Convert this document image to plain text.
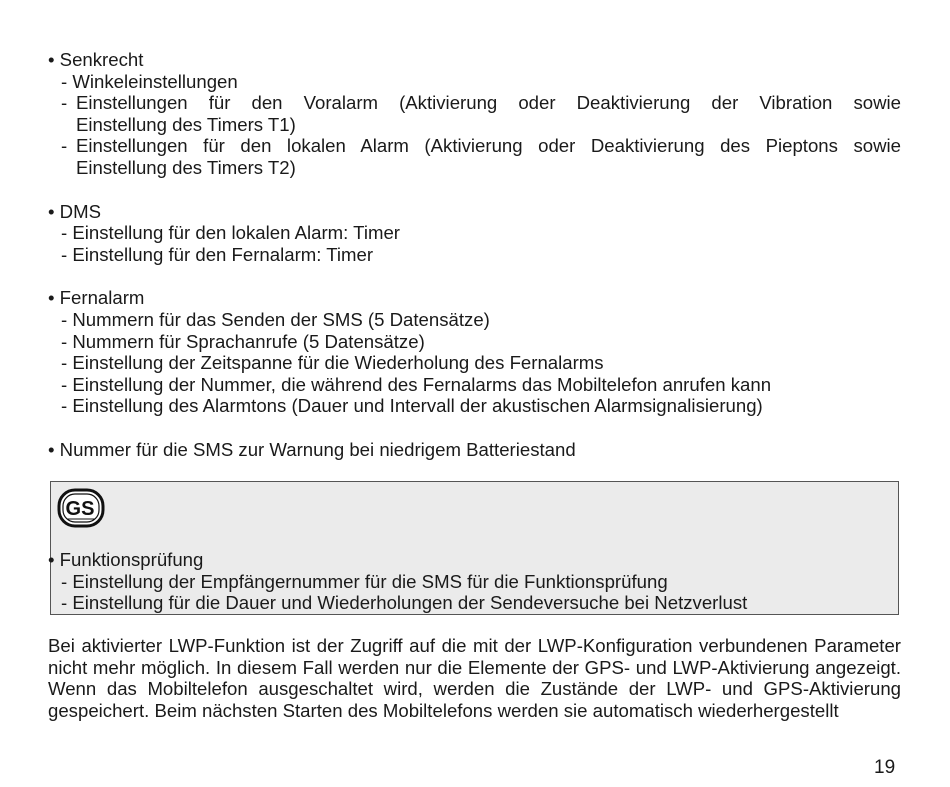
• Senkrecht
- Winkeleinstellungen
- Einstellungen für den Voralarm (Aktivierung oder Deaktivierung der Vibration sowie
Einstellung des Timers T1)
- Einstellungen für den lokalen Alarm (Aktivierung oder Deaktivierung des Pieptons sowie
Einstellung des Timers T2)
• DMS
- Einstellung für den lokalen Alarm: Timer
- Einstellung für den Fernalarm: Timer
• Fernalarm
- Nummern für das Senden der SMS (5 Datensätze)
- Nummern für Sprachanrufe (5 Datensätze)
- Einstellung der Zeitspanne für die Wiederholung des Fernalarms
- Einstellung der Nummer, die während des Fernalarms das Mobiltelefon anrufen kann
- Einstellung des Alarmtons (Dauer und Intervall der akustischen Alarmsignalisierung)
• Nummer für die SMS zur Warnung bei niedrigem Batteriestand
GS
• Funktionsprüfung
- Einstellung der Empfängernummer für die SMS für die Funktionsprüfung
- Einstellung für die Dauer und Wiederholungen der Sendeversuche bei Netzverlust
Bei aktivierter LWP-Funktion ist der Zugriff auf die mit der LWP-Konfiguration verbundenen Parameter nicht mehr möglich. In diesem Fall werden nur die Elemente der GPS- und LWP-Aktivierung angezeigt. Wenn das Mobiltelefon ausgeschaltet wird, werden die Zustände der LWP- und GPS-Aktivierung gespeichert. Beim nächsten Starten des Mobiltelefons werden sie automatisch wiederhergestellt
19
